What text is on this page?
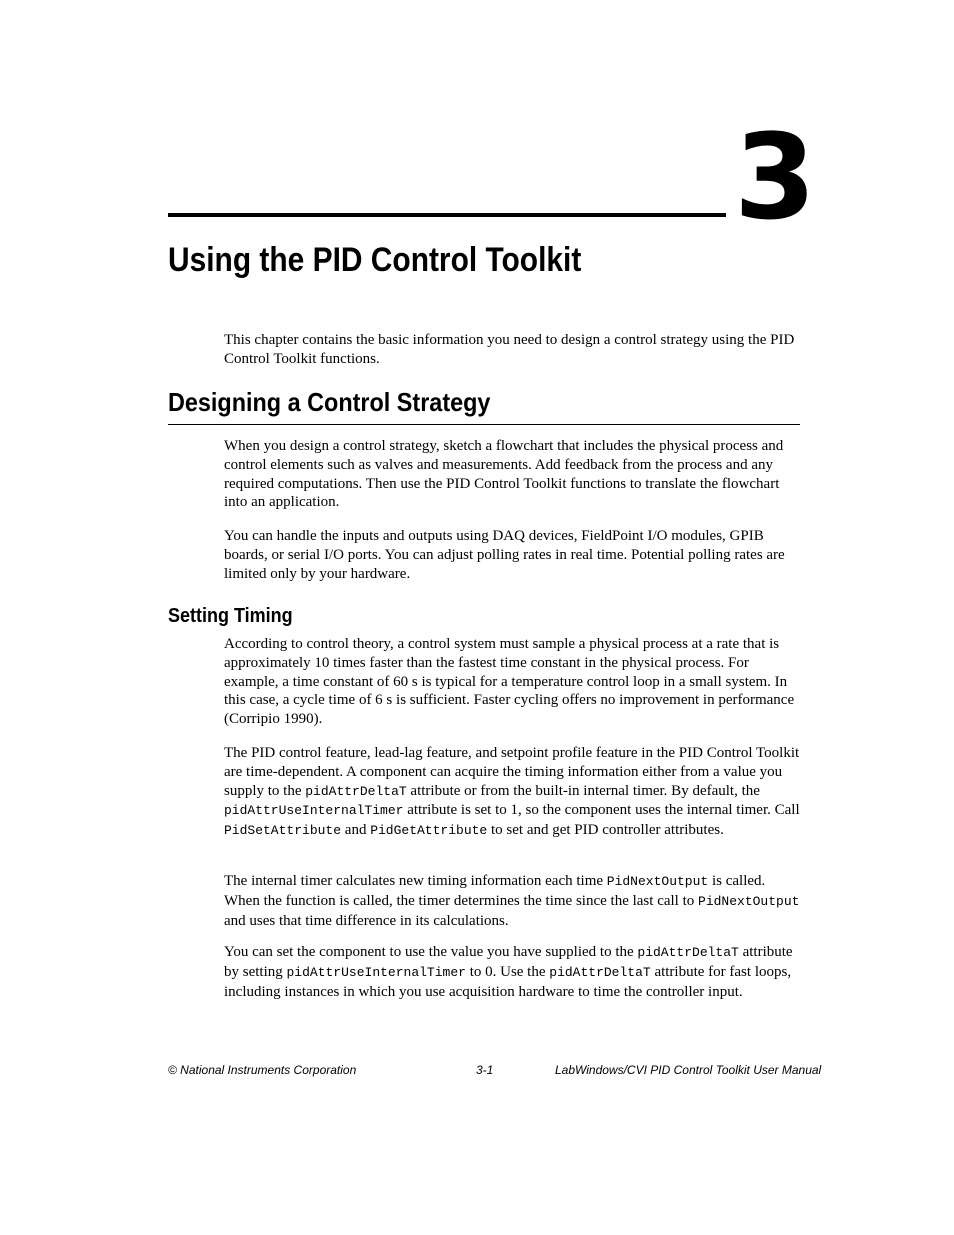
3
Using the PID Control Toolkit

This chapter contains the basic information you need to design a control strategy using the PID Control Toolkit functions.

Designing a Control Strategy

When you design a control strategy, sketch a flowchart that includes the physical process and control elements such as valves and measurements. Add feedback from the process and any required computations. Then use the PID Control Toolkit functions to translate the flowchart into an application.

You can handle the inputs and outputs using DAQ devices, FieldPoint I/O modules, GPIB boards, or serial I/O ports. You can adjust polling rates in real time. Potential polling rates are limited only by your hardware.

Setting Timing

According to control theory, a control system must sample a physical process at a rate that is approximately 10 times faster than the fastest time constant in the physical process. For example, a time constant of 60 s is typical for a temperature control loop in a small system. In this case, a cycle time of 6 s is sufficient. Faster cycling offers no improvement in performance (Corripio 1990).

The PID control feature, lead-lag feature, and setpoint profile feature in the PID Control Toolkit are time-dependent. A component can acquire the timing information either from a value you supply to the pidAttrDeltaT attribute or from the built-in internal timer. By default, the pidAttrUseInternalTimer attribute is set to 1, so the component uses the internal timer. Call PidSetAttribute and PidGetAttribute to set and get PID controller attributes.

The internal timer calculates new timing information each time PidNextOutput is called. When the function is called, the timer determines the time since the last call to PidNextOutput and uses that time difference in its calculations.

You can set the component to use the value you have supplied to the pidAttrDeltaT attribute by setting pidAttrUseInternalTimer to 0. Use the pidAttrDeltaT attribute for fast loops, including instances in which you use acquisition hardware to time the controller input.

© National Instruments Corporation	3-1	LabWindows/CVI PID Control Toolkit User Manual
